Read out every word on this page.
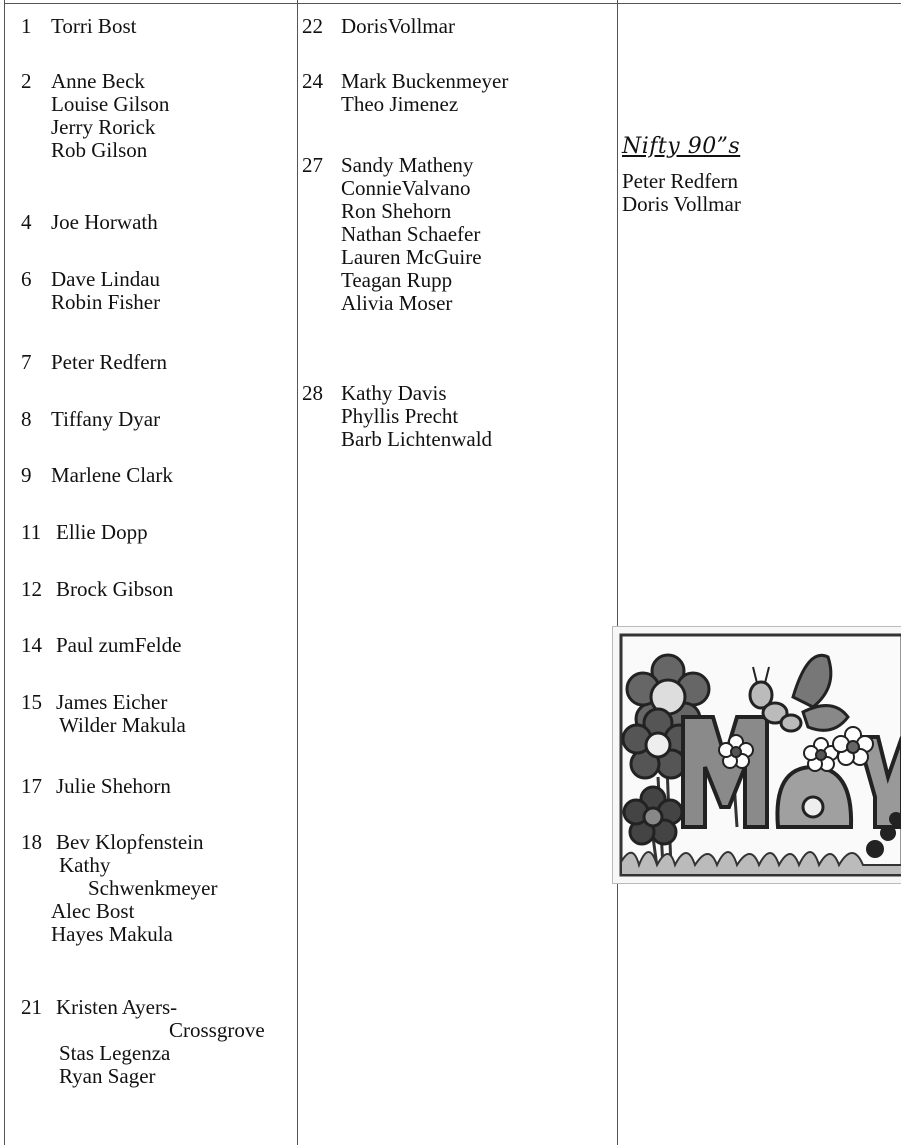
1 Torri Bost
2 Anne Beck
Louise Gilson
Jerry Rorick
Rob Gilson
4 Joe Horwath
6 Dave Lindau
Robin Fisher
7 Peter Redfern
8 Tiffany Dyar
9 Marlene Clark
11 Ellie Dopp
12 Brock Gibson
14 Paul zumFelde
15 James Eicher
Wilder Makula
17 Julie Shehorn
18 Bev Klopfenstein
Kathy
Schwenkmeyer
Alec Bost
Hayes Makula
21 Kristen Ayers-
Crossgrove
Stas Legenza
Ryan Sager
22 DorisVollmar
24 Mark Buckenmeyer
Theo Jimenez
27 Sandy Matheny
ConnieValvano
Ron Shehorn
Nathan Schaefer
Lauren McGuire
Teagan Rupp
Alivia Moser
28 Kathy Davis
Phyllis Precht
Barb Lichtenwald
Nifty 90”s
Peter Redfern
Doris Vollmar
